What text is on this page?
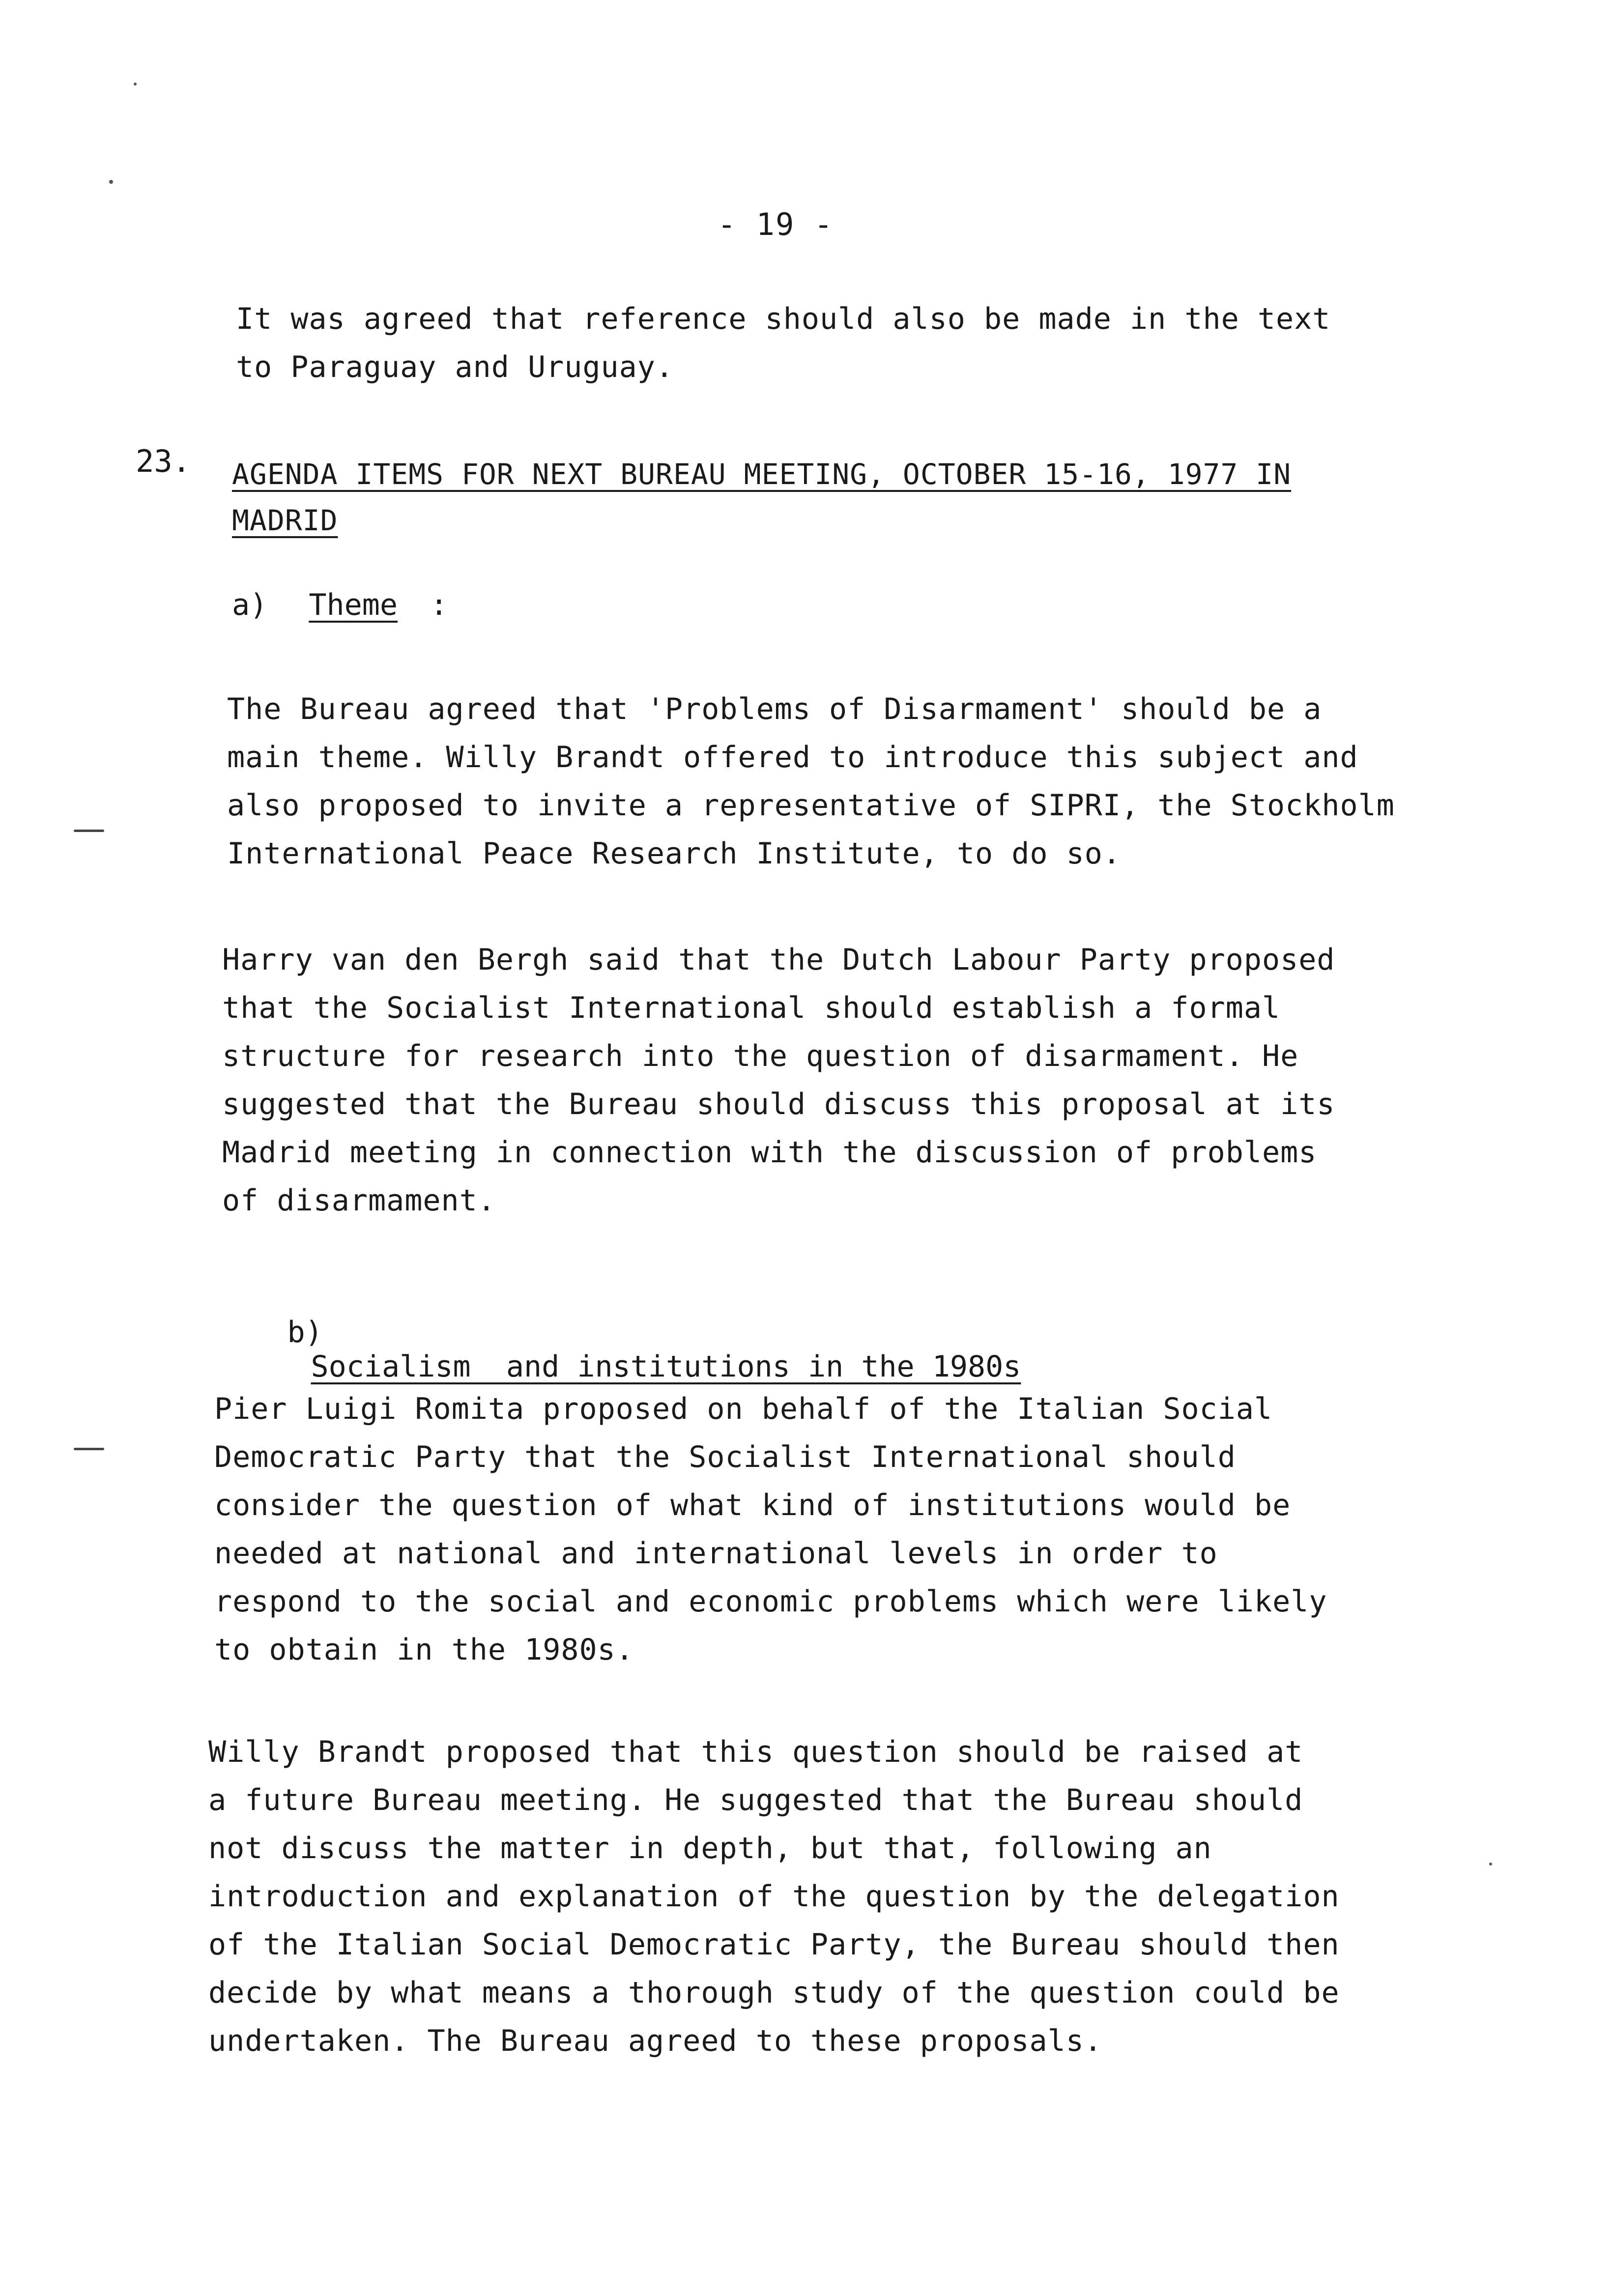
- 19 -

It was agreed that reference should also be made in the text
to Paraguay and Uruguay.

23. AGENDA ITEMS FOR NEXT BUREAU MEETING, OCTOBER 15-16, 1977 IN
MADRID

a) Theme :

The Bureau agreed that 'Problems of Disarmament' should be a
main theme. Willy Brandt offered to introduce this subject and
also proposed to invite a representative of SIPRI, the Stockholm
International Peace Research Institute, to do so.

Harry van den Bergh said that the Dutch Labour Party proposed
that the Socialist International should establish a formal
structure for research into the question of disarmament. He
suggested that the Bureau should discuss this proposal at its
Madrid meeting in connection with the discussion of problems
of disarmament.

b)
Socialism  and institutions in the 1980s

Pier Luigi Romita proposed on behalf of the Italian Social
Democratic Party that the Socialist International should
consider the question of what kind of institutions would be
needed at national and international levels in order to
respond to the social and economic problems which were likely
to obtain in the 1980s.

Willy Brandt proposed that this question should be raised at
a future Bureau meeting. He suggested that the Bureau should
not discuss the matter in depth, but that, following an
introduction and explanation of the question by the delegation
of the Italian Social Democratic Party, the Bureau should then
decide by what means a thorough study of the question could be
undertaken. The Bureau agreed to these proposals.
